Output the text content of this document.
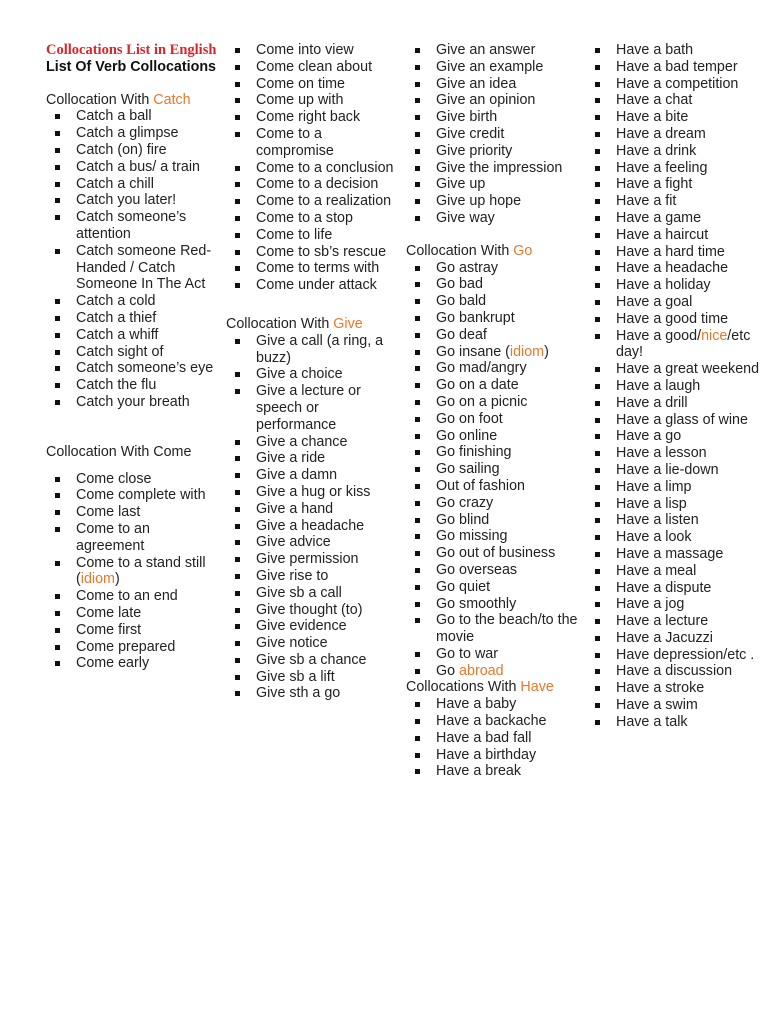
Collocations List in English
List Of Verb Collocations
Collocation With Catch
Catch a ball
Catch a glimpse
Catch (on) fire
Catch a bus/ a train
Catch a chill
Catch you later!
Catch someone’s attention
Catch someone Red-Handed / Catch Someone In The Act
Catch a cold
Catch a thief
Catch a whiff
Catch sight of
Catch someone’s eye
Catch the flu
Catch your breath
Collocation With Come
Come close
Come complete with
Come last
Come to an agreement
Come to a stand still (idiom)
Come to an end
Come late
Come first
Come prepared
Come early
Come into view
Come clean about
Come on time
Come up with
Come right back
Come to a compromise
Come to a conclusion
Come to a decision
Come to a realization
Come to a stop
Come to life
Come to sb’s rescue
Come to terms with
Come under attack
Collocation With Give
Give a call (a ring, a buzz)
Give a choice
Give a lecture or speech or performance
Give a chance
Give a ride
Give a damn
Give a hug or kiss
Give a hand
Give a headache
Give advice
Give permission
Give rise to
Give sb a call
Give thought (to)
Give evidence
Give notice
Give sb a chance
Give sb a lift
Give sth a go
Give an answer
Give an example
Give an idea
Give an opinion
Give birth
Give credit
Give priority
Give the impression
Give up
Give up hope
Give way
Collocation With Go
Go astray
Go bad
Go bald
Go bankrupt
Go deaf
Go insane (idiom)
Go mad/angry
Go on a date
Go on a picnic
Go on foot
Go online
Go finishing
Go sailing
Out of fashion
Go crazy
Go blind
Go missing
Go out of business
Go overseas
Go quiet
Go smoothly
Go to the beach/to the movie
Go to war
Go abroad
Collocations With Have
Have a baby
Have a backache
Have a bad fall
Have a birthday
Have a break
Have a bath
Have a bad temper
Have a competition
Have a chat
Have a bite
Have a dream
Have a drink
Have a feeling
Have a fight
Have a fit
Have a game
Have a haircut
Have a hard time
Have a headache
Have a holiday
Have a goal
Have a good time
Have a good/nice/etc day!
Have a great weekend
Have a laugh
Have a drill
Have a glass of wine
Have a go
Have a lesson
Have a lie-down
Have a limp
Have a lisp
Have a listen
Have a look
Have a massage
Have a meal
Have a dispute
Have a jog
Have a lecture
Have a Jacuzzi
Have depression/etc .
Have a discussion
Have a stroke
Have a swim
Have a talk
